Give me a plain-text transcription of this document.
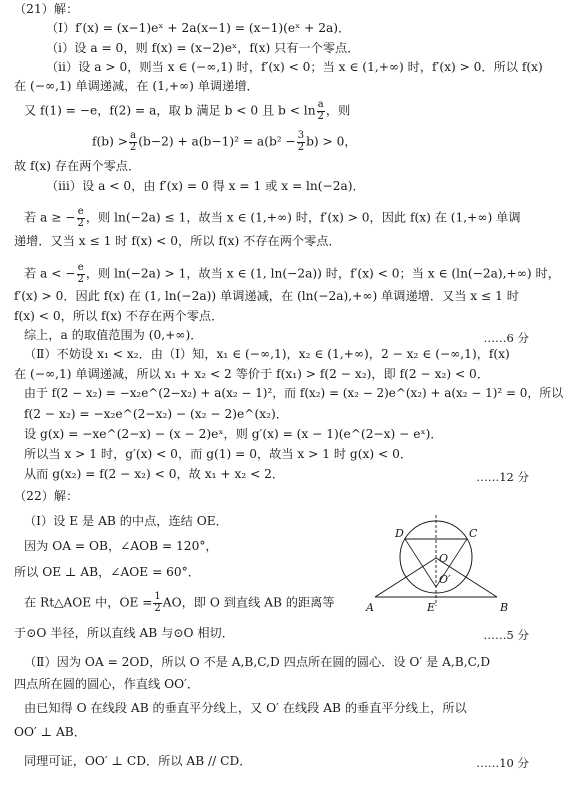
（21）解：
（Ⅰ）f′(x) = (x−1)eˣ + 2a(x−1) = (x−1)(eˣ + 2a)．
（ⅰ）设 a = 0，则 f(x) = (x−2)eˣ，f(x) 只有一个零点．
（ⅱ）设 a > 0，则当 x ∈ (−∞,1) 时，f′(x) < 0；当 x ∈ (1,+∞) 时，f′(x) > 0．所以 f(x)
在 (−∞,1) 单调递减，在 (1,+∞) 单调递增．
又 f(1) = −e，f(2) = a，取 b 满足 b < 0 且 $b < \ln \frac{a}{2}$ ，则
$f(b) > \frac{a}{2} (b-2) + a(b-1)^2 = a(b^2 - \frac{3}{2} b) > 0$，
故 f(x) 存在两个零点．
（ⅲ）设 a < 0，由 f′(x) = 0 得 x = 1 或 x = ln(−2a)．
若 a ≥ − $\frac{e}{2}$ ，则 ln(−2a) ≤ 1，故当 x ∈ (1,+∞) 时，f′(x) > 0，因此 f(x) 在 (1,+∞) 单调
递增．又当 x ≤ 1 时 f(x) < 0，所以 f(x) 不存在两个零点．
若 a < − $\frac{e}{2}$ ，则 ln(−2a) > 1，故当 x ∈ (1, ln(−2a)) 时，f′(x) < 0；当 x ∈ (ln(−2a),+∞) 时，
f′(x) > 0．因此 f(x) 在 (1, ln(−2a)) 单调递减，在 (ln(−2a),+∞) 单调递增．又当 x ≤ 1 时
f(x) < 0，所以 f(x) 不存在两个零点．
综上，a 的取值范围为 (0,+∞)．	……6 分
（Ⅱ）不妨设 x₁ < x₂．由（Ⅰ）知，x₁ ∈ (−∞,1)，x₂ ∈ (1,+∞)，2 − x₂ ∈ (−∞,1)，f(x)
在 (−∞,1) 单调递减，所以 x₁ + x₂ < 2 等价于 f(x₁) > f(2 − x₂)，即 f(2 − x₂) < 0．
由于 f(2 − x₂) = −x₂e^(2−x₂) + a(x₂ − 1)²，而 f(x₂) = (x₂ − 2)e^(x₂) + a(x₂ − 1)² = 0，所以
f(2 − x₂) = −x₂e^(2−x₂) − (x₂ − 2)e^(x₂)．
设 g(x) = −xe^(2−x) − (x − 2)eˣ，则 g′(x) = (x − 1)(e^(2−x) − eˣ)．
所以当 x > 1 时，g′(x) < 0，而 g(1) = 0，故当 x > 1 时 g(x) < 0．
从而 g(x₂) = f(2 − x₂) < 0，故 x₁ + x₂ < 2．	……12 分
（22）解：
（Ⅰ）设 E 是 AB 的中点，连结 OE．
因为 OA = OB，∠AOB = 120°，
所以 OE ⊥ AB，∠AOE = 60°．
在 Rt△AOE 中，OE = $\frac{1}{2}$ AO，即 O 到直线 AB 的距离等
于⊙O 半径，所以直线 AB 与⊙O 相切．	……5 分
（Ⅱ）因为 OA = 2OD，所以 O 不是 A,B,C,D 四点所在圆的圆心．设 O′ 是 A,B,C,D
四点所在圆的圆心，作直线 OO′．
由已知得 O 在线段 AB 的垂直平分线上，又 O′ 在线段 AB 的垂直平分线上，所以
OO′ ⊥ AB．
同理可证，OO′ ⊥ CD．所以 AB // CD．	……10 分
D	C
O
O′
A	E	B
